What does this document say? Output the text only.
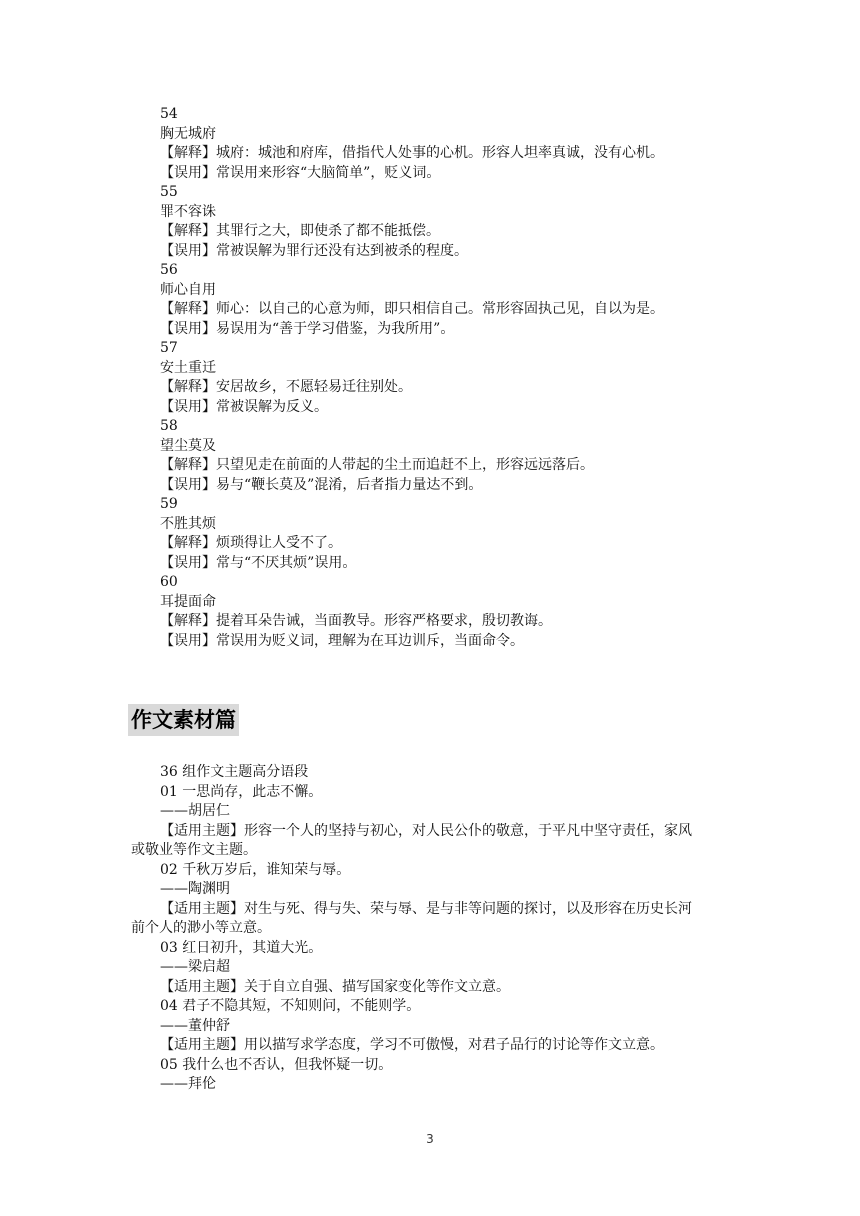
54
胸无城府
【解释】城府：城池和府库，借指代人处事的心机。形容人坦率真诚，没有心机。
【误用】常误用来形容“大脑简单”，贬义词。
55
罪不容诛
【解释】其罪行之大，即使杀了都不能抵偿。
【误用】常被误解为罪行还没有达到被杀的程度。
56
师心自用
【解释】师心：以自己的心意为师，即只相信自己。常形容固执己见，自以为是。
【误用】易误用为“善于学习借鉴，为我所用”。
57
安土重迁
【解释】安居故乡，不愿轻易迁往别处。
【误用】常被误解为反义。
58
望尘莫及
【解释】只望见走在前面的人带起的尘土而追赶不上，形容远远落后。
【误用】易与“鞭长莫及”混淆，后者指力量达不到。
59
不胜其烦
【解释】烦琐得让人受不了。
【误用】常与“不厌其烦”误用。
60
耳提面命
【解释】提着耳朵告诫，当面教导。形容严格要求，殷切教诲。
【误用】常误用为贬义词，理解为在耳边训斥，当面命令。
作文素材篇
36 组作文主题高分语段
01 一思尚存，此志不懈。
——胡居仁
【适用主题】形容一个人的坚持与初心，对人民公仆的敬意，于平凡中坚守责任，家风
或敬业等作文主题。
02 千秋万岁后，谁知荣与辱。
——陶渊明
【适用主题】对生与死、得与失、荣与辱、是与非等问题的探讨，以及形容在历史长河
前个人的渺小等立意。
03 红日初升，其道大光。
——梁启超
【适用主题】关于自立自强、描写国家变化等作文立意。
04 君子不隐其短，不知则问，不能则学。
——董仲舒
【适用主题】用以描写求学态度，学习不可傲慢，对君子品行的讨论等作文立意。
05 我什么也不否认，但我怀疑一切。
——拜伦
3
